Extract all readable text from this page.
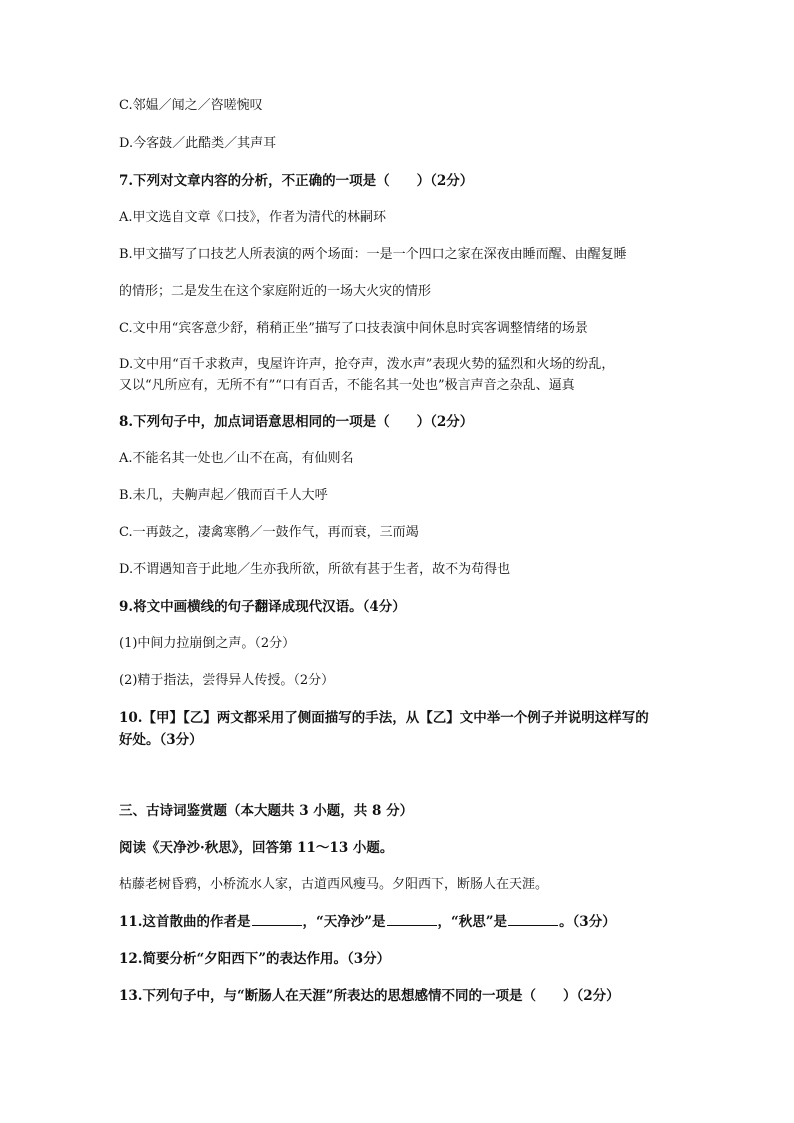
C.邻媪／闻之／咨嗟惋叹
D.今客鼓／此酷类／其声耳
7.下列对文章内容的分析，不正确的一项是（　　）（2分）
A.甲文选自文章《口技》，作者为清代的林嗣环
B.甲文描写了口技艺人所表演的两个场面：一是一个四口之家在深夜由睡而醒、由醒复睡
的情形；二是发生在这个家庭附近的一场大火灾的情形
C.文中用“宾客意少舒，稍稍正坐”描写了口技表演中间休息时宾客调整情绪的场景
D.文中用“百千求救声，曳屋许许声，抢夺声，泼水声”表现火势的猛烈和火场的纷乱，
又以“凡所应有，无所不有”“口有百舌，不能名其一处也”极言声音之杂乱、逼真
8.下列句子中，加点词语意思相同的一项是（　　）（2分）
A.不能名其一处也／山不在高，有仙则名
B.未几，夫齁声起／俄而百千人大呼
C.一再鼓之，凄禽寒鹘／一鼓作气，再而衰，三而竭
D.不谓遇知音于此地／生亦我所欲，所欲有甚于生者，故不为苟得也
9.将文中画横线的句子翻译成现代汉语。（4分）
(1)中间力拉崩倒之声。（2分）
(2)精于指法，尝得异人传授。（2分）
10.【甲】【乙】两文都采用了侧面描写的手法，从【乙】文中举一个例子并说明这样写的
好处。（3分）
三、古诗词鉴赏题（本大题共 3 小题，共 8 分）
阅读《天净沙·秋思》，回答第 11～13 小题。
枯藤老树昏鸦，小桥流水人家，古道西风瘦马。夕阳西下，断肠人在天涯。
11.这首散曲的作者是	，“天净沙”是	，“秋思”是	。（3分）
12.简要分析“夕阳西下”的表达作用。（3分）
13.下列句子中，与“断肠人在天涯”所表达的思想感情不同的一项是（　　）（2分）
